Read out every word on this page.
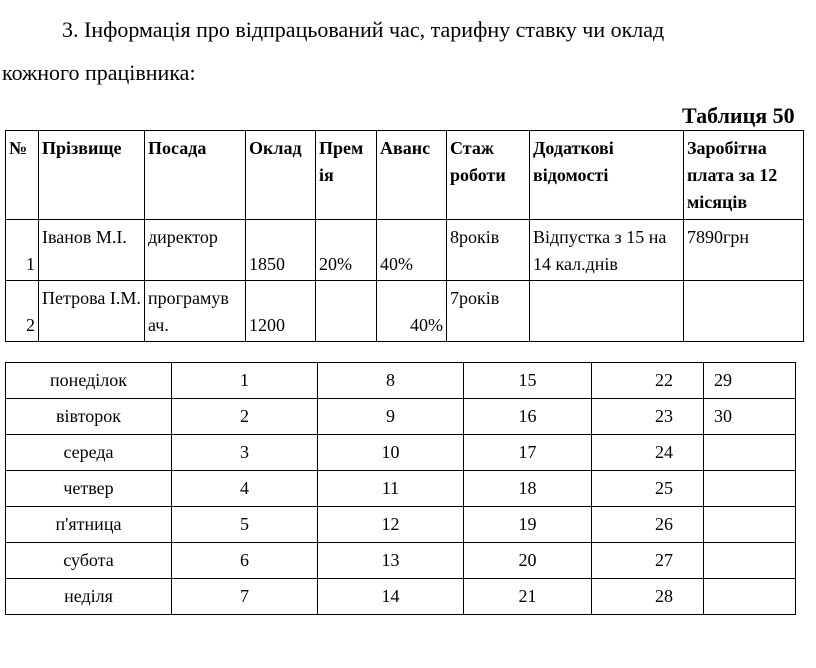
3. Інформація про відпрацьований час, тарифну ставку чи оклад
кожного працівника:
Таблиця 50
№	Прізвище	Посада	Оклад	Прем ія	Аванс	Стаж роботи	Додаткові відомості	Заробітна плата за 12 місяців

1	Іванов М.І.	директор	1850	20%	40%	8років	Відпустка з 15 на 14 кал.днів	7890грн

2	Петрова І.М.	програмув ач.	1200		40%	7років		
понеділок	1	8	15	22	29
вівторок	2	9	16	23	30
середа	3	10	17	24	
четвер	4	11	18	25	
п'ятница	5	12	19	26	
субота	6	13	20	27	
неділя	7	14	21	28	
